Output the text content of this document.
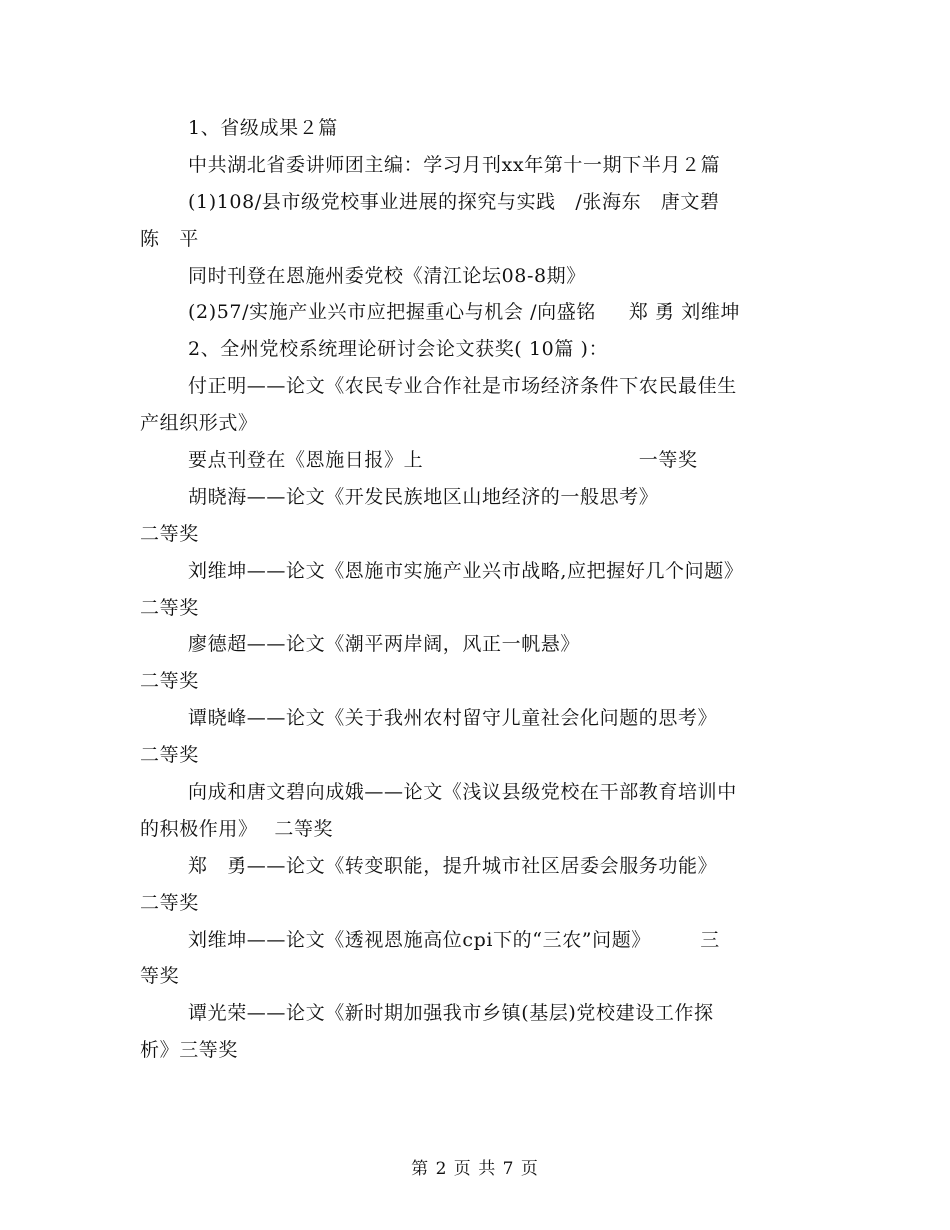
1、省级成果２篇
中共湖北省委讲师团主编：学习月刊xx年第十一期下半月２篇
(1)108/县市级党校事业进展的探究与实践　/张海东　唐文碧
陈　平
同时刊登在恩施州委党校《清江论坛08-8期》
(2)57/实施产业兴市应把握重心与机会 /向盛铭 　 郑 勇 刘维坤
2、全州党校系统理论研讨会论文获奖( 10篇 )：
付正明——论文《农民专业合作社是市场经济条件下农民最佳生
产组织形式》
要点刊登在《恩施日报》上　　　　　　　　　　　一等奖
胡晓海——论文《开发民族地区山地经济的一般思考》
二等奖
刘维坤——论文《恩施市实施产业兴市战略,应把握好几个问题》
二等奖
廖德超——论文《潮平两岸阔，风正一帆悬》
二等奖
谭晓峰——论文《关于我州农村留守儿童社会化问题的思考》
二等奖
向成和唐文碧向成娥——论文《浅议县级党校在干部教育培训中
的积极作用》　 二等奖
郑　勇——论文《转变职能，提升城市社区居委会服务功能》
二等奖
刘维坤——论文《透视恩施高位cpi下的“三农”问题》　　　三
等奖
谭光荣——论文《新时期加强我市乡镇(基层)党校建设工作探
析》三等奖
第 2 页 共 7 页
